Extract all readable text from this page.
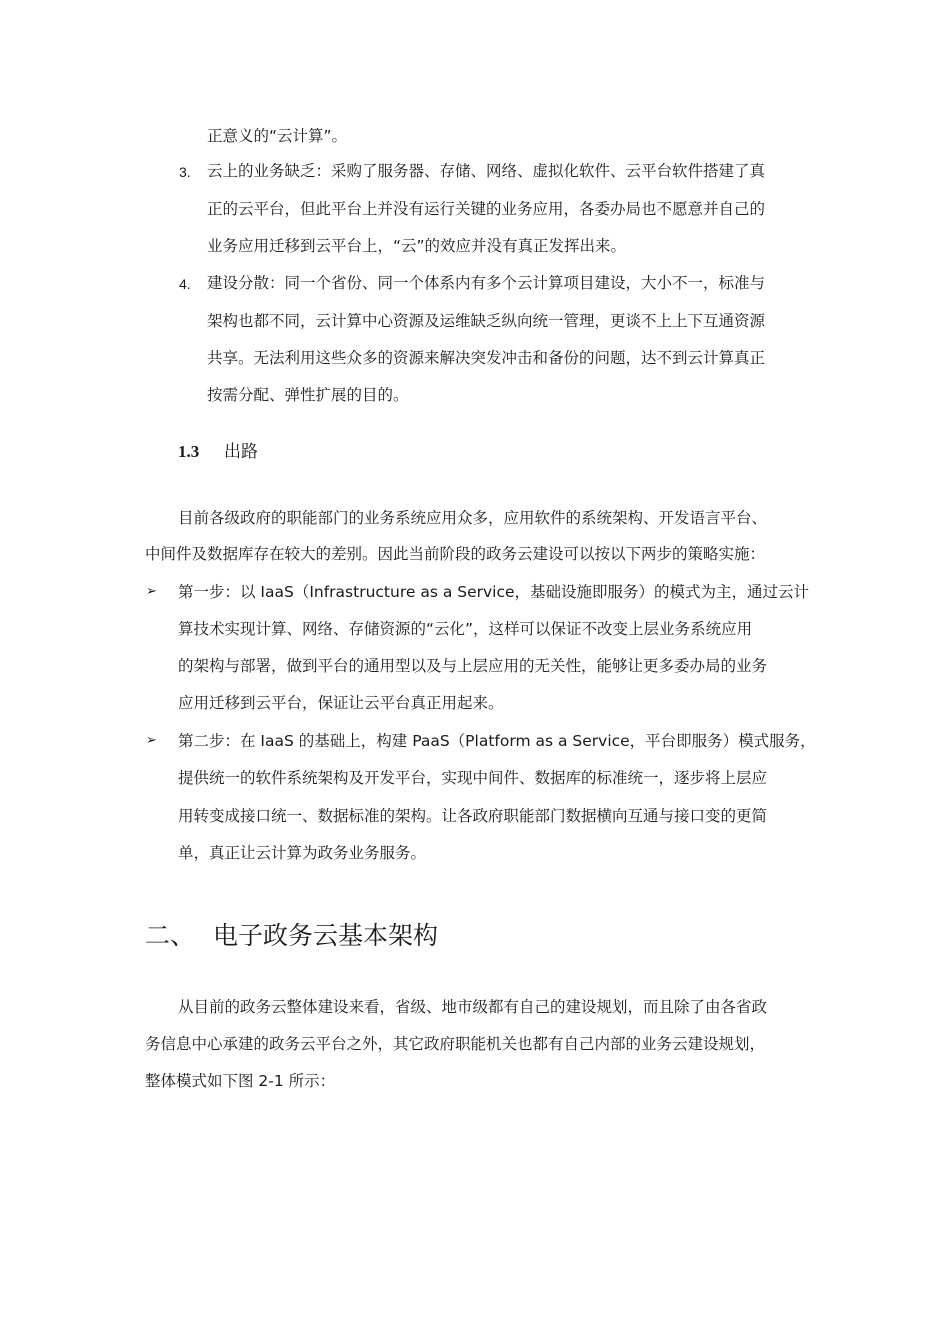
正意义的“云计算”。
3. 云上的业务缺乏：采购了服务器、存储、网络、虚拟化软件、云平台软件搭建了真
正的云平台，但此平台上并没有运行关键的业务应用，各委办局也不愿意并自己的
业务应用迁移到云平台上，“云”的效应并没有真正发挥出来。
4. 建设分散：同一个省份、同一个体系内有多个云计算项目建设，大小不一，标准与
架构也都不同，云计算中心资源及运维缺乏纵向统一管理，更谈不上上下互通资源
共享。无法利用这些众多的资源来解决突发冲击和备份的问题，达不到云计算真正
按需分配、弹性扩展的目的。
1.3 出路
目前各级政府的职能部门的业务系统应用众多，应用软件的系统架构、开发语言平台、
中间件及数据库存在较大的差别。因此当前阶段的政务云建设可以按以下两步的策略实施：
➢ 第一步：以 IaaS（Infrastructure as a Service，基础设施即服务）的模式为主，通过云计
算技术实现计算、网络、存储资源的“云化”，这样可以保证不改变上层业务系统应用
的架构与部署，做到平台的通用型以及与上层应用的无关性，能够让更多委办局的业务
应用迁移到云平台，保证让云平台真正用起来。
➢ 第二步：在 IaaS 的基础上，构建 PaaS（Platform as a Service，平台即服务）模式服务，
提供统一的软件系统架构及开发平台，实现中间件、数据库的标准统一，逐步将上层应
用转变成接口统一、数据标准的架构。让各政府职能部门数据横向互通与接口变的更简
单，真正让云计算为政务业务服务。
二、 电子政务云基本架构
从目前的政务云整体建设来看，省级、地市级都有自己的建设规划，而且除了由各省政
务信息中心承建的政务云平台之外，其它政府职能机关也都有自己内部的业务云建设规划，
整体模式如下图 2-1 所示：
